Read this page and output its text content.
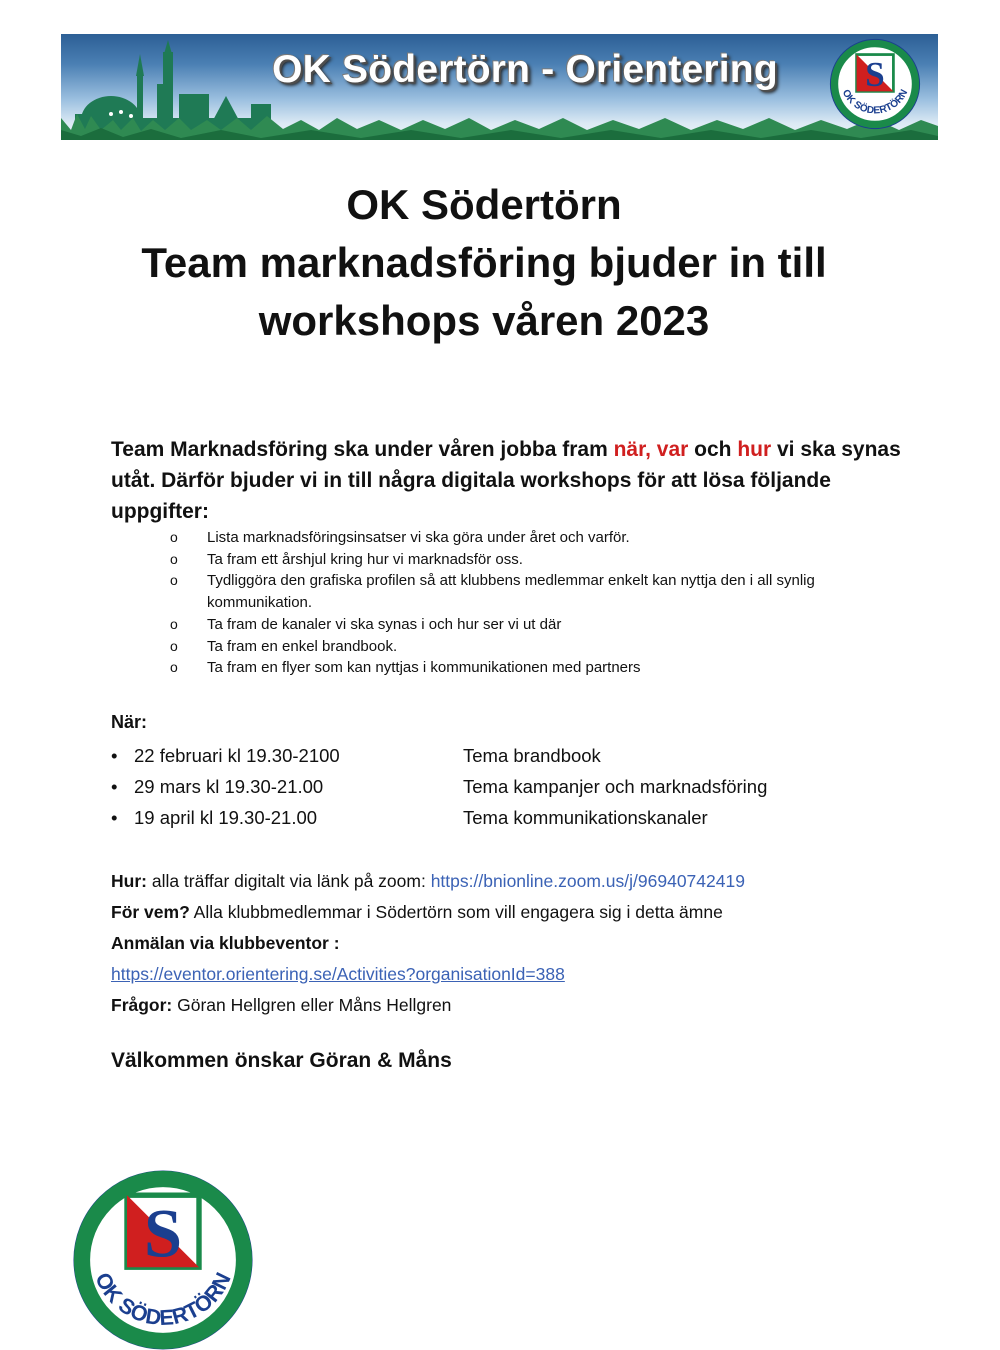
OK Södertörn - Orientering	S
OK SÖDERTÖRN
OK Södertörn
Team marknadsföring bjuder in till
workshops våren 2023
Team Marknadsföring ska under våren jobba fram när, var och hur vi ska synas utåt. Därför bjuder vi in till några digitala workshops för att lösa följande uppgifter:
o Lista marknadsföringsinsatser vi ska göra under året och varför.
o Ta fram ett årshjul kring hur vi marknadsför oss.
o Tydliggöra den grafiska profilen så att klubbens medlemmar enkelt kan nyttja den i all synlig kommunikation.
o Ta fram de kanaler vi ska synas i och hur ser vi ut där
o Ta fram en enkel brandbook.
o Ta fram en flyer som kan nyttjas i kommunikationen med partners
När:
• 22 februari kl 19.30-2100	Tema brandbook
• 29 mars kl 19.30-21.00	Tema kampanjer och marknadsföring
• 19 april kl 19.30-21.00	Tema kommunikationskanaler
Hur: alla träffar digitalt via länk på zoom: https://bnionline.zoom.us/j/96940742419
För vem? Alla klubbmedlemmar i Södertörn som vill engagera sig i detta ämne
Anmälan via klubbeventor :
https://eventor.orientering.se/Activities?organisationId=388
Frågor: Göran Hellgren eller Måns Hellgren
Välkommen önskar Göran & Måns
S
OK SÖDERTÖRN
